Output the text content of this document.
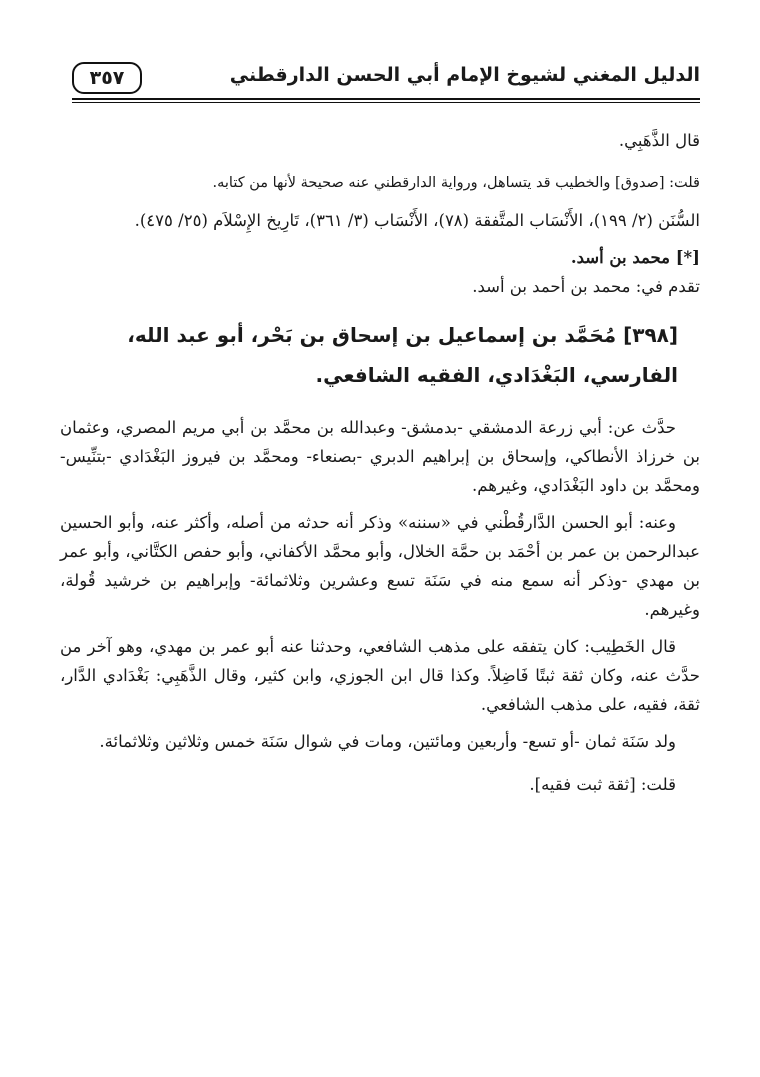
الدليل المغني لشيوخ الإمام أبي الحسن الدارقطني
٣٥٧

قال الذَّهَبِي.

قلت: [صدوق] والخطيب قد يتساهل، ورواية الدارقطني عنه صحيحة لأنها من كتابه.

السُّنَن (٢/ ١٩٩)، الأَنْسَاب المتَّفقة (٧٨)، الأَنْسَاب (٣/ ٣٦١)، تَارِيخ الإِسْلاَم (٢٥/ ٤٧٥).

[*] محمد بن أسد.

تقدم في: محمد بن أحمد بن أسد.

[٣٩٨] مُحَمَّد بن إسماعيل بن إسحاق بن بَحْر، أبو عبد الله، الفارسي، البَغْدَادي، الفقيه الشافعي.

حدَّث عن: أبي زرعة الدمشقي -بدمشق- وعبدالله بن محمَّد بن أبي مريم المصري، وعثمان بن خرزاذ الأنطاكي، وإسحاق بن إبراهيم الدبري -بصنعاء- ومحمَّد بن فيروز البَغْدَادي -بتنِّيس- ومحمَّد بن داود البَغْدَادي، وغيرهم.

وعنه: أبو الحسن الدَّارقُطْني في «سننه» وذكر أنه حدثه من أصله، وأكثر عنه، وأبو الحسين عبدالرحمن بن عمر بن أحْمَد بن حمَّة الخلال، وأبو محمَّد الأكفاني، وأبو حفص الكتَّاني، وأبو عمر بن مهدي -وذكر أنه سمع منه في سَنَة تسع وعشرين وثلاثمائة- وإبراهيم بن خرشيد قُولة، وغيرهم.

قال الخَطِيب: كان يتفقه على مذهب الشافعي، وحدثنا عنه أبو عمر بن مهدي، وهو آخر من حدَّث عنه، وكان ثقة ثبتًا فَاضِلاً. وكذا قال ابن الجوزي، وابن كثير، وقال الذَّهَبِي: بَغْدَادي الدَّار، ثقة، فقيه، على مذهب الشافعي.

ولد سَنَة ثمان -أو تسع- وأربعين ومائتين، ومات في شوال سَنَة خمس وثلاثين وثلاثمائة.

قلت: [ثقة ثبت فقيه].
